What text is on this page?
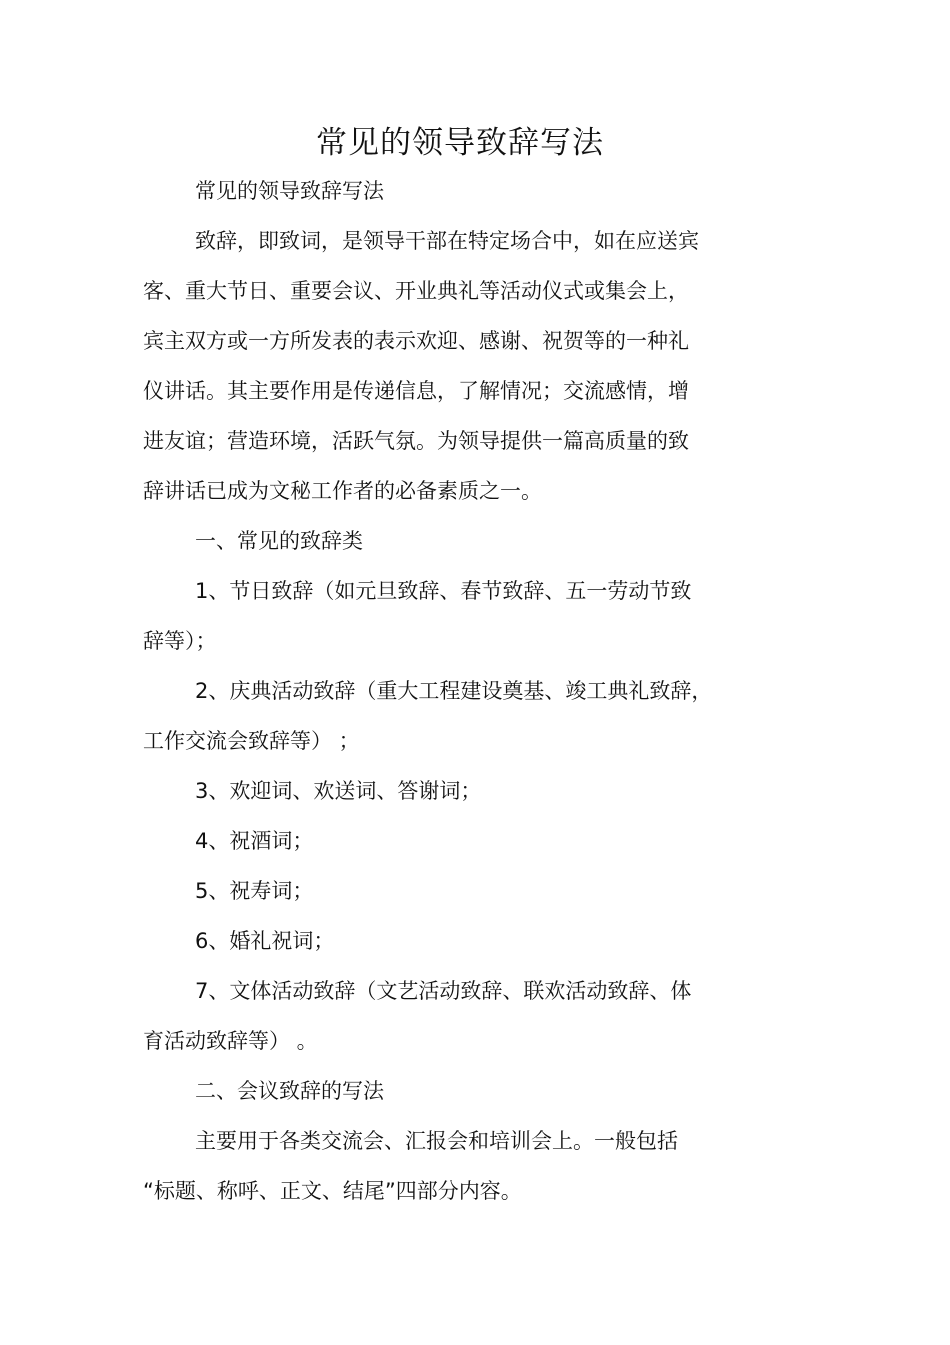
常见的领导致辞写法
常见的领导致辞写法
致辞，即致词，是领导干部在特定场合中，如在应送宾
客、重大节日、重要会议、开业典礼等活动仪式或集会上，
宾主双方或一方所发表的表示欢迎、感谢、祝贺等的一种礼
仪讲话。其主要作用是传递信息，了解情况；交流感情，增
进友谊；营造环境，活跃气氛。为领导提供一篇高质量的致
辞讲话已成为文秘工作者的必备素质之一。
一、常见的致辞类
1、节日致辞（如元旦致辞、春节致辞、五一劳动节致
辞等）；
2、庆典活动致辞（重大工程建设奠基、竣工典礼致辞，
工作交流会致辞等） ；
3、欢迎词、欢送词、答谢词；
4、祝酒词；
5、祝寿词；
6、婚礼祝词；
7、文体活动致辞（文艺活动致辞、联欢活动致辞、体
育活动致辞等） 。
二、会议致辞的写法
主要用于各类交流会、汇报会和培训会上。一般包括
“标题、称呼、正文、结尾”四部分内容。
